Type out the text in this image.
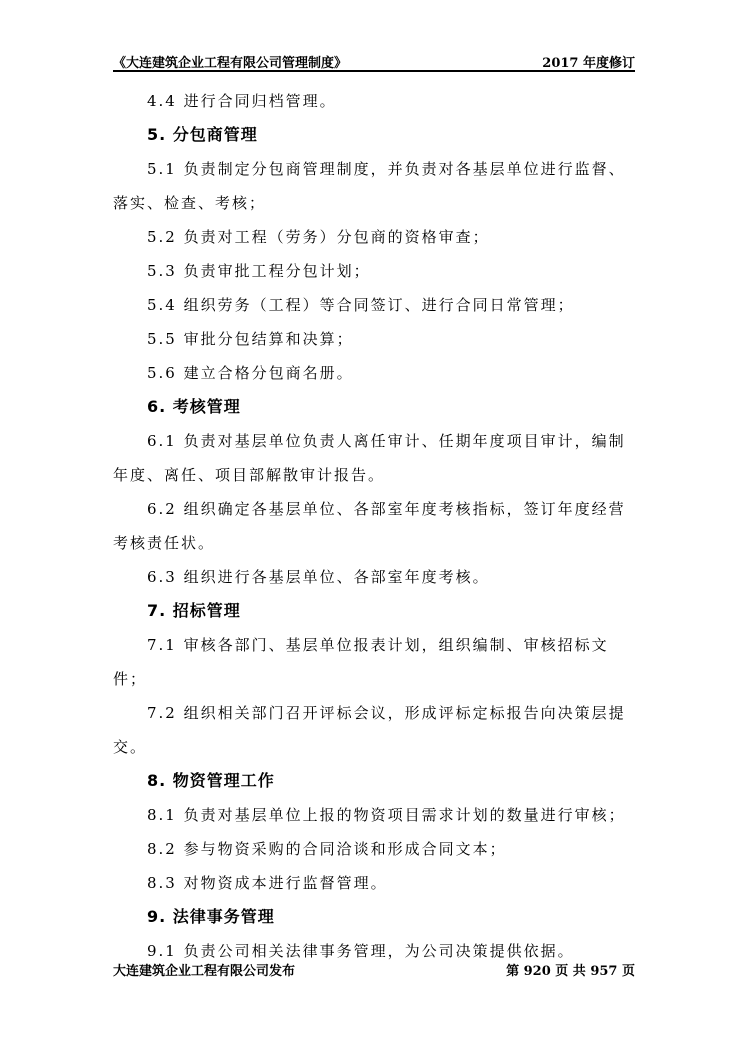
《大连建筑企业工程有限公司管理制度》	2017 年度修订

4.4 进行合同归档管理。

5. 分包商管理

5.1 负责制定分包商管理制度，并负责对各基层单位进行监督、落实、检查、考核；

5.2 负责对工程（劳务）分包商的资格审查；

5.3 负责审批工程分包计划；

5.4 组织劳务（工程）等合同签订、进行合同日常管理；

5.5 审批分包结算和决算；

5.6 建立合格分包商名册。

6. 考核管理

6.1 负责对基层单位负责人离任审计、任期年度项目审计，编制年度、离任、项目部解散审计报告。

6.2 组织确定各基层单位、各部室年度考核指标，签订年度经营考核责任状。

6.3 组织进行各基层单位、各部室年度考核。

7. 招标管理

7.1 审核各部门、基层单位报表计划，组织编制、审核招标文件；

7.2 组织相关部门召开评标会议，形成评标定标报告向决策层提交。

8. 物资管理工作

8.1 负责对基层单位上报的物资项目需求计划的数量进行审核；

8.2 参与物资采购的合同洽谈和形成合同文本；

8.3 对物资成本进行监督管理。

9. 法律事务管理

9.1 负责公司相关法律事务管理，为公司决策提供依据。

大连建筑企业工程有限公司发布	第 920 页 共 957 页
